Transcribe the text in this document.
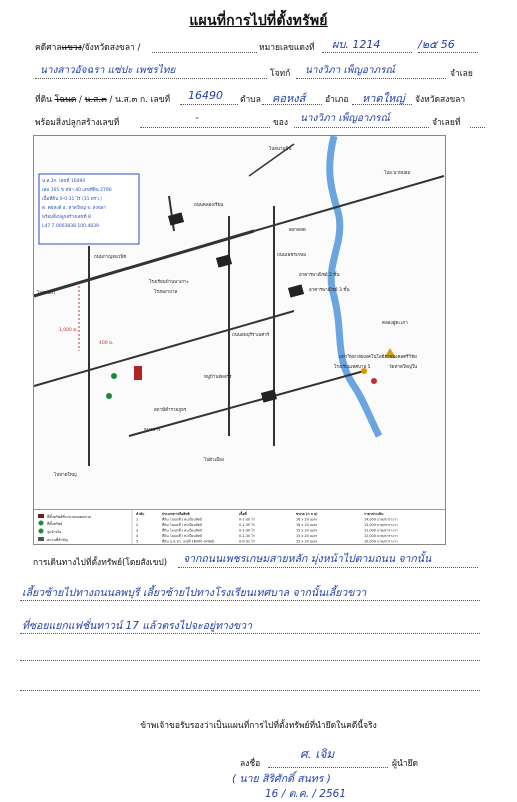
แผนที่การไปที่ตั้งทรัพย์
คดีศาลแขวง/จังหวัดสงขลา /	หมายเลขแดงที่ ผบ. 1214	/๒๕ 56
นางสาวอัจฉรา แซ่ปะ เพชรไทย	โจทก์ นางวิภา เพ็ญอาภรณ์	จำเลย
ที่ดิน โฉนด / น.ส.๓ / น.ส.๓ ก. เลขที่ 16490 ตำบล คอหงส์ อำเภอ หาดใหญ่ จังหวัดสงขลา
พร้อมสิ่งปลูกสร้างเลขที่	-	ของ นางวิภา เพ็ญอาภรณ์	จำเลยที่
น.ส.3ก. เลขที่ 16490
เล่ม 165 ข หน้า 40 เลขที่ดิน 2790
เนื้อที่ดิน 0-0-31 ไร่ (31 ตรว.)
ต. คอหงส์ อ. หาดใหญ่ จ. สงขลา
พร้อมสิ่งปลูกสร้างเลขที่ 8
L47 7.0003838 100.4839
ไปสนามบิน
ไปอ.นาหม่อม
ไปสงขลา
ไปหาดใหญ่
ไปตัวเมือง
1,000 ม.
400 ม.
ถนนกาญจนวนิช
ถนนลพบุรีราเมศวร์
ถนนเพชรเกษม
ถนนคลองเรียน
คลองอู่ตะเภา
โรงเรียนบ้านนาเกาะ
วัดหาดใหญ่ใน
โรงพยาบาล
มหาวิทยาลัยเทคโนโลยีราชมงคลศรีวิชัย
อาคารพาณิชย์ 2 ชั้น
อาคารพาณิชย์ 3 ชั้น
หมู่บ้านจัดสรร
ตลาดสด
โรงเรียนเทศบาล 5
สถานีตำรวจภูธร
ธนาคาร
ที่ตั้งทรัพย์ที่จะขายทอดตลาด
ที่ตั้งทรัพย์
จุดอ้างอิง
สถานที่สำคัญ
ลำดับ	ประเภทการถือสิทธิ	เนื้อที่	ขนาด (ก x ย)	ราคาประเมิน
1	ที่ดิน โฉนดที่ / ทะเบียนสิทธิ	0-1-30 ไร่	16 x 20 เมตร	14,000 บาท/ตารางวา
2	ที่ดิน โฉนดที่ / ทะเบียนสิทธิ	0-1-30 ไร่	16 x 20 เมตร	13,000 บาท/ตารางวา
3	ที่ดิน โฉนดที่ / ทะเบียนสิทธิ	0-1-30 ไร่	15 x 20 เมตร	12,000 บาท/ตารางวา
4	ที่ดิน โฉนดที่ / ทะเบียนสิทธิ	0-1-30 ไร่	15 x 20 เมตร	12,000 บาท/ตารางวา
5	ที่ดิน น.ส.3ก. เลขที่ 16490 (ทรัพย์)	0-0-31 ไร่	15 x 20 เมตร	10,000 บาท/ตารางวา
การเดินทางไปที่ตั้งทรัพย์(โดยสังเขป) จากถนนเพชรเกษมสายหลัก มุ่งหน้าไปตามถนน จากนั้น
เลี้ยวซ้ายไปทางถนนลพบุรี เลี้ยวซ้ายไปทางโรงเรียนเทศบาล จากนั้นเลี้ยวขวา
ที่ซอยแยกแฟชั่นทาวน์ 17 แล้วตรงไปจะอยู่ทางขวา
ข้าพเจ้าขอรับรองว่าเป็นแผนที่การไปที่ตั้งทรัพย์ที่นำยึดในคดีนี้จริง
ลงชื่อ
ศ. เจิม
ผู้นำยึด
( นาย สิริศักดิ์ สนทร )
16 / ต.ค. / 2561
